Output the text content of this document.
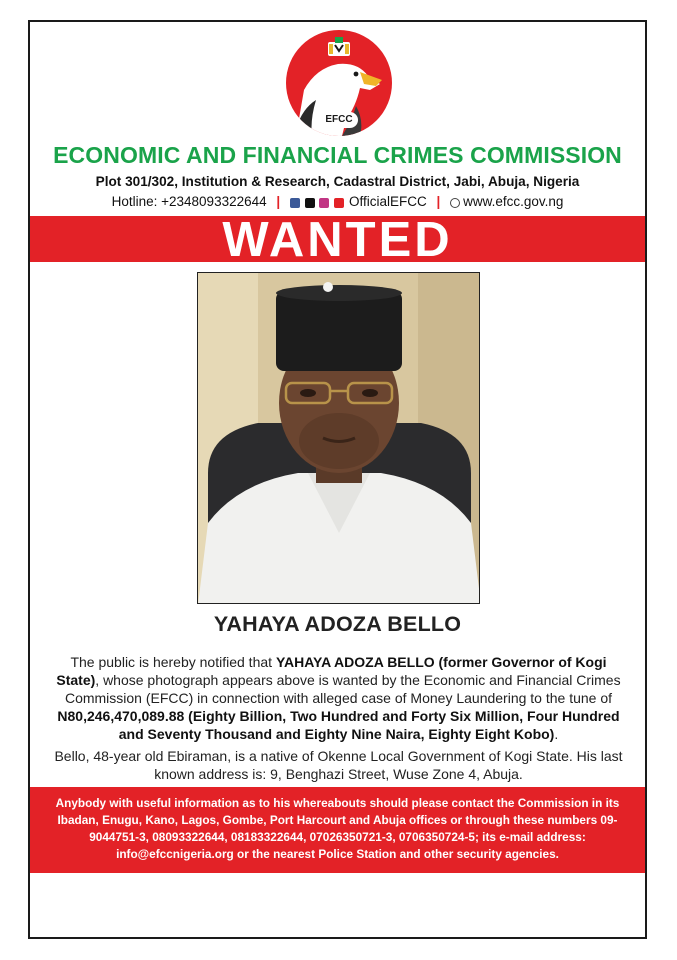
EFCC
ECONOMIC AND FINANCIAL CRIMES COMMISSION
Plot 301/302, Institution & Research, Cadastral District, Jabi, Abuja, Nigeria
Hotline: +2348093322644 |	OfficialEFCC | www.efcc.gov.ng
WANTED
YAHAYA ADOZA BELLO
The public is hereby notified that YAHAYA ADOZA BELLO (former Governor of Kogi State), whose photograph appears above is wanted by the Economic and Financial Crimes Commission (EFCC) in connection with alleged case of Money Laundering to the tune of N80,246,470,089.88 (Eighty Billion, Two Hundred and Forty Six Million, Four Hundred and Seventy Thousand and Eighty Nine Naira, Eighty Eight Kobo).
Bello, 48-year old Ebiraman, is a native of Okenne Local Government of Kogi State. His last known address is: 9, Benghazi Street, Wuse Zone 4, Abuja.
Anybody with useful information as to his whereabouts should please contact the Commission in its Ibadan, Enugu, Kano, Lagos, Gombe, Port Harcourt and Abuja offices or through these numbers 09-9044751-3, 08093322644, 08183322644, 07026350721-3, 0706350724-5; its e-mail address: info@efccnigeria.org or the nearest Police Station and other security agencies.
